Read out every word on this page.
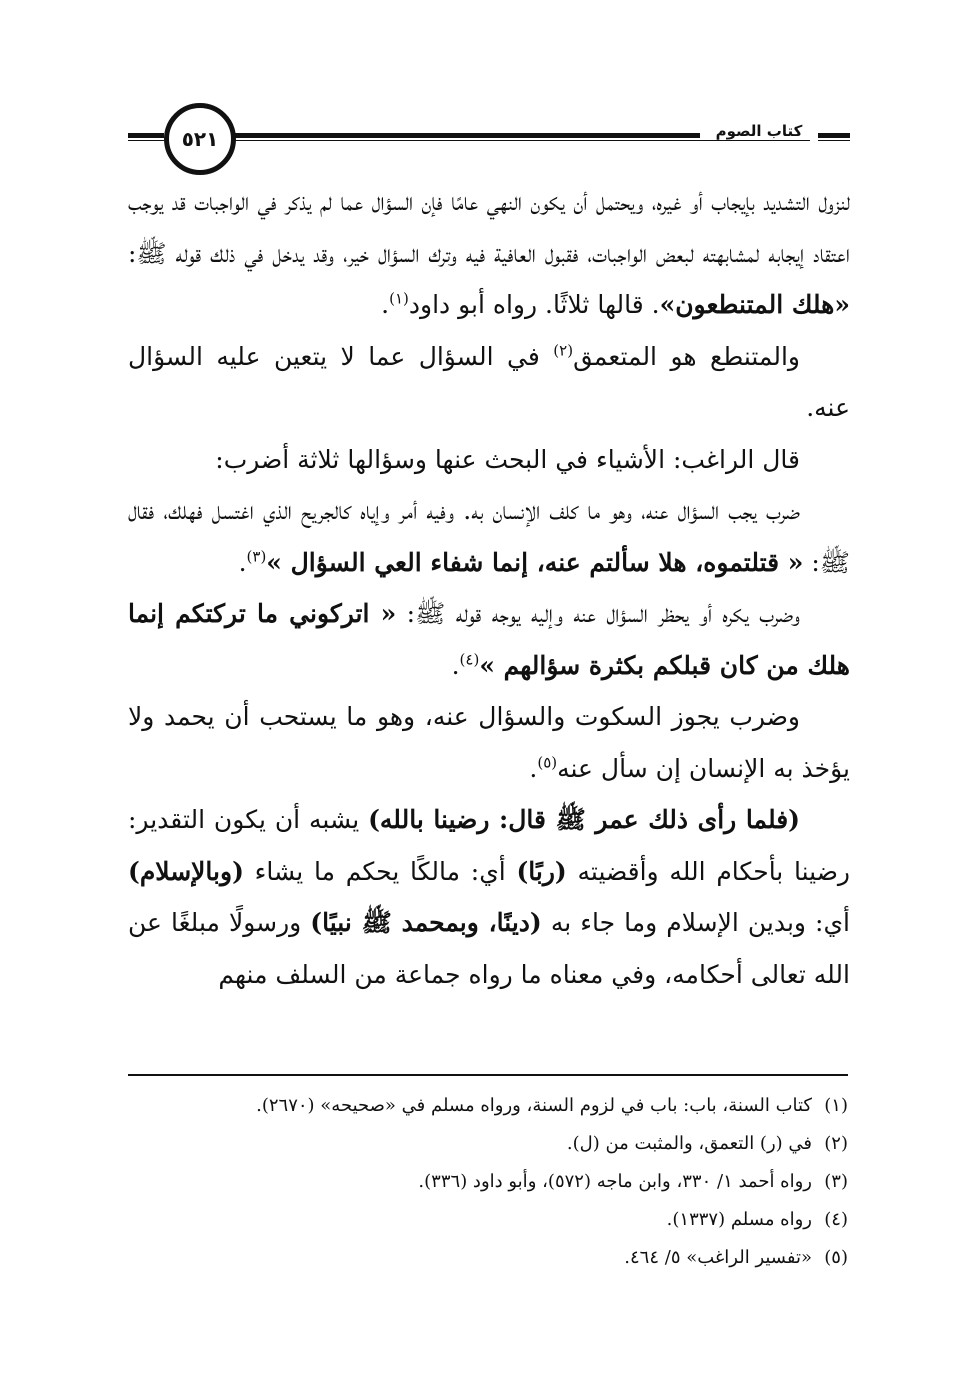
٥٢١	كتاب الصوم

لنزول التشديد بإيجاب أو غيره، ويحتمل أن يكون النهي عامًا فإن السؤال عما لم يذكر في الواجبات قد يوجب اعتقاد إيجابه لمشابهته لبعض الواجبات، فقبول العافية فيه وترك السؤال خير، وقد يدخل في ذلك قوله ﷺ: «هلك المتنطعون». قالها ثلاثًا. رواه أبو داود$^{(١)}$.

والمتنطع هو المتعمق$^{(٢)}$ في السؤال عما لا يتعين عليه السؤال عنه.

قال الراغب: الأشياء في البحث عنها وسؤالها ثلاثة أضرب:

ضرب يجب السؤال عنه، وهو ما كلف الإنسان به. وفيه أمر وإياه كالجريح الذي اغتسل فهلك، فقال ﷺ: « قتلتموه، هلا سألتم عنه، إنما شفاء العي السؤال »$^{(٣)}$.

وضرب يكره أو يحظر السؤال عنه وإليه يوجه قوله ﷺ: « اتركوني ما تركتكم إنما هلك من كان قبلكم بكثرة سؤالهم »$^{(٤)}$.

وضرب يجوز السكوت والسؤال عنه، وهو ما يستحب أن يحمد ولا يؤخذ به الإنسان إن سأل عنه$^{(٥)}$.

(فلما رأى ذلك عمر ﷺ قال: رضينا بالله) يشبه أن يكون التقدير: رضينا بأحكام الله وأقضيته (ربًا) أي: مالكًا يحكم ما يشاء (وبالإسلام) أي: وبدين الإسلام وما جاء به (دينًا، وبمحمد ﷺ نبيًا) ورسولًا مبلغًا عن الله تعالى أحكامه، وفي معناه ما رواه جماعة من السلف منهم

(١)
كتاب السنة، باب: باب في لزوم السنة، ورواه مسلم في «صحيحه» (٢٦٧٠).
(٢)
في (ر) التعمق، والمثبت من (ل).
(٣)
رواه أحمد ١/ ٣٣٠، وابن ماجه (٥٧٢)، وأبو داود (٣٣٦).
(٤)
رواه مسلم (١٣٣٧).
(٥)
«تفسير الراغب» ٥/ ٤٦٤.
